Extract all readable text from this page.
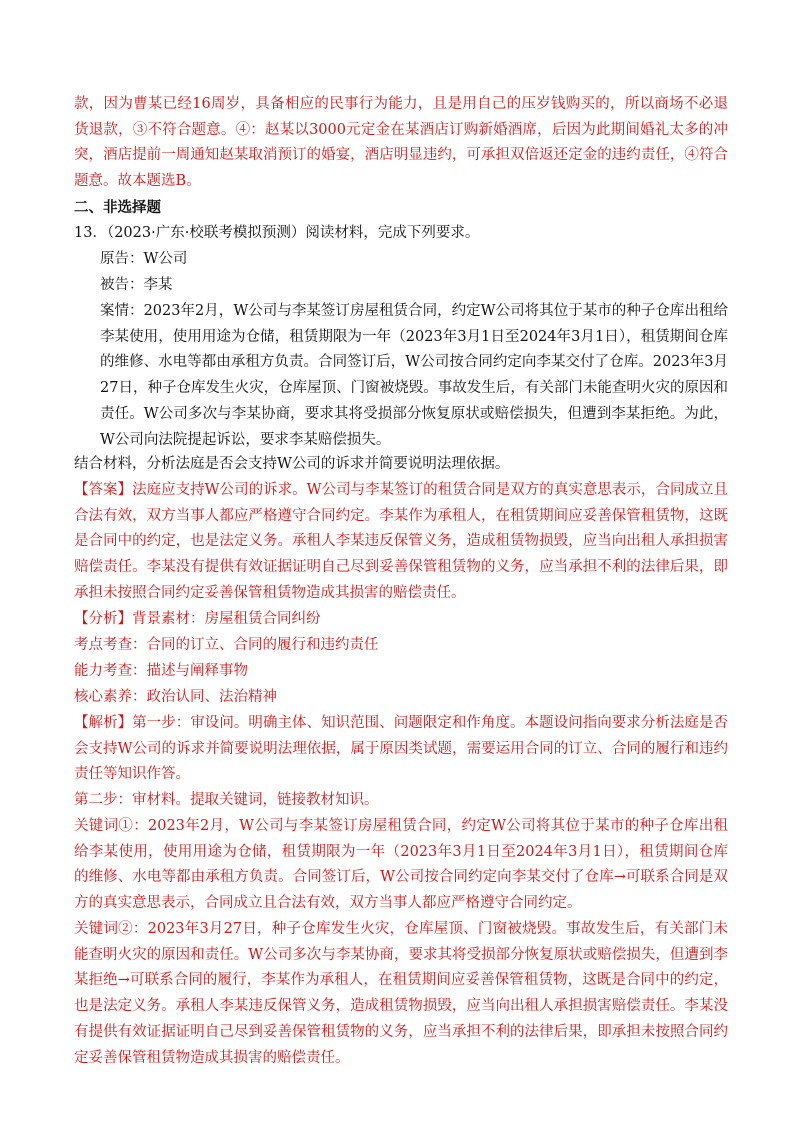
款，因为曹某已经16周岁，具备相应的民事行为能力，且是用自己的压岁钱购买的，所以商场不必退货退款，③不符合题意。④：赵某以3000元定金在某酒店订购新婚酒席，后因为此期间婚礼太多的冲突，酒店提前一周通知赵某取消预订的婚宴，酒店明显违约，可承担双倍返还定金的违约责任，④符合题意。故本题选B。

二、非选择题

13．（2023·广东·校联考模拟预测）阅读材料，完成下列要求。

原告：W公司

被告：李某

案情：2023年2月，W公司与李某签订房屋租赁合同，约定W公司将其位于某市的种子仓库出租给李某使用，使用用途为仓储，租赁期限为一年（2023年3月1日至2024年3月1日），租赁期间仓库的维修、水电等都由承租方负责。合同签订后，W公司按合同约定向李某交付了仓库。2023年3月27日，种子仓库发生火灾，仓库屋顶、门窗被烧毁。事故发生后，有关部门未能查明火灾的原因和责任。W公司多次与李某协商，要求其将受损部分恢复原状或赔偿损失，但遭到李某拒绝。为此，W公司向法院提起诉讼，要求李某赔偿损失。

结合材料，分析法庭是否会支持W公司的诉求并简要说明法理依据。

【答案】法庭应支持W公司的诉求。W公司与李某签订的租赁合同是双方的真实意思表示，合同成立且合法有效，双方当事人都应严格遵守合同约定。李某作为承租人，在租赁期间应妥善保管租赁物，这既是合同中的约定，也是法定义务。承租人李某违反保管义务，造成租赁物损毁，应当向出租人承担损害赔偿责任。李某没有提供有效证据证明自己尽到妥善保管租赁物的义务，应当承担不利的法律后果，即承担未按照合同约定妥善保管租赁物造成其损害的赔偿责任。

【分析】背景素材：房屋租赁合同纠纷

考点考查：合同的订立、合同的履行和违约责任

能力考查：描述与阐释事物

核心素养：政治认同、法治精神

【解析】第一步：审设问。明确主体、知识范围、问题限定和作角度。本题设问指向要求分析法庭是否会支持W公司的诉求并简要说明法理依据，属于原因类试题，需要运用合同的订立、合同的履行和违约责任等知识作答。

第二步：审材料。提取关键词，链接教材知识。

关键词①：2023年2月，W公司与李某签订房屋租赁合同，约定W公司将其位于某市的种子仓库出租给李某使用，使用用途为仓储，租赁期限为一年（2023年3月1日至2024年3月1日），租赁期间仓库的维修、水电等都由承租方负责。合同签订后，W公司按合同约定向李某交付了仓库→可联系合同是双方的真实意思表示，合同成立且合法有效，双方当事人都应严格遵守合同约定。

关键词②：2023年3月27日，种子仓库发生火灾，仓库屋顶、门窗被烧毁。事故发生后，有关部门未能查明火灾的原因和责任。W公司多次与李某协商，要求其将受损部分恢复原状或赔偿损失，但遭到李某拒绝→可联系合同的履行，李某作为承租人，在租赁期间应妥善保管租赁物，这既是合同中的约定，也是法定义务。承租人李某违反保管义务，造成租赁物损毁，应当向出租人承担损害赔偿责任。李某没有提供有效证据证明自己尽到妥善保管租赁物的义务，应当承担不利的法律后果，即承担未按照合同约定妥善保管租赁物造成其损害的赔偿责任。
